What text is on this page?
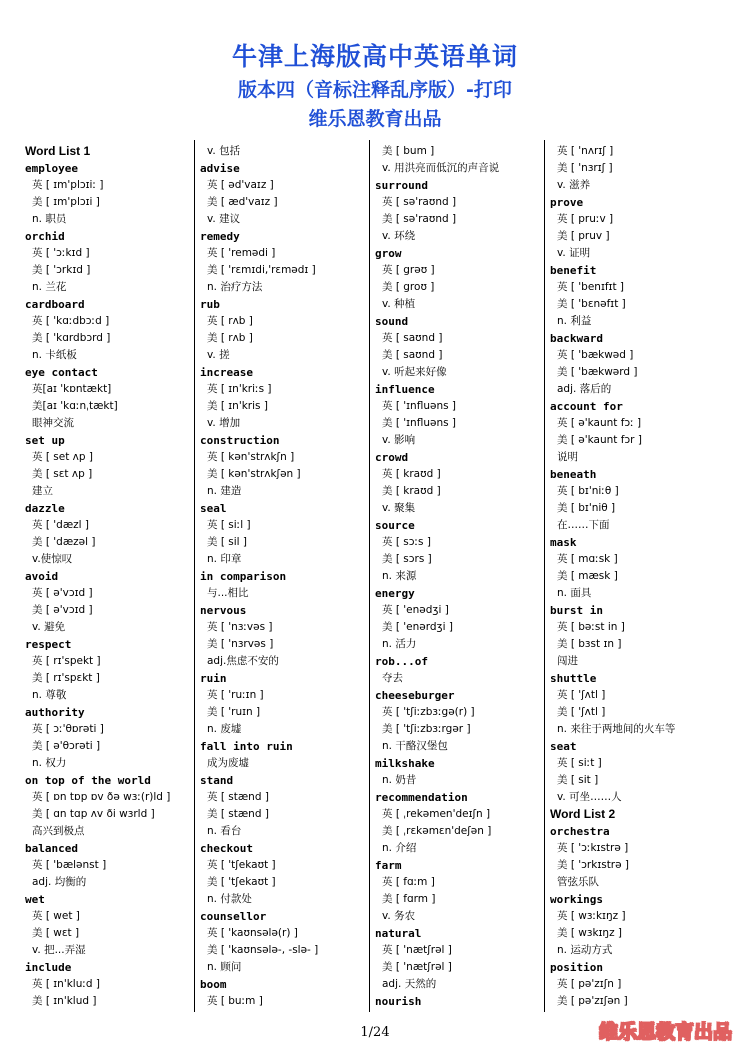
牛津上海版高中英语单词
版本四（音标注释乱序版）-打印
维乐恩教育出品
Word List 1
employee
英 [ ɪm'plɔɪiː ]
美 [ ɪm'plɔɪi ]
n. 职员
orchid
英 [ 'ɔːkɪd ]
美 [ 'ɔrkɪd ]
n. 兰花
cardboard
英 [ 'kɑːdbɔːd ]
美 [ 'kɑrdbɔrd ]
n. 卡纸板
eye contact
英[aɪ 'kɒntækt]
美[aɪ 'kɑːnˌtækt]
眼神交流
set up
英 [ set ʌp ]
美 [ sɛt ʌp ]
建立
dazzle
英 [ 'dæzl ]
美 [ 'dæzəl ]
v.使惊叹
avoid
英 [ ə'vɔɪd ]
美 [ ə'vɔɪd ]
v. 避免
respect
英 [ rɪ'spekt ]
美 [ rɪ'spɛkt ]
n. 尊敬
authority
英 [ ɔː'θɒrəti ]
美 [ ə'θɔrəti ]
n. 权力
on top of the world
英 [ ɒn tɒp ɒv ðə wɜː(r)ld ]
美 [ ɑn tɑp ʌv ði wɜrld ]
高兴到极点
balanced
英 [ 'bælənst ]
adj. 均衡的
wet
英 [ wet ]
美 [ wɛt ]
v. 把...弄湿
include
英 [ ɪn'kluːd ]
美 [ ɪn'klud ]
v. 包括
advise
英 [ əd'vaɪz ]
美 [ æd'vaɪz ]
v. 建议
remedy
英 [ 'remədi ]
美 [ 'rɛmɪdi,'rɛmədɪ ]
n. 治疗方法
rub
英 [ rʌb ]
美 [ rʌb ]
v. 搓
increase
英 [ ɪn'kriːs ]
美 [ ɪn'kris ]
v. 增加
construction
英 [ kən'strʌkʃn ]
美 [ kən'strʌkʃən ]
n. 建造
seal
英 [ siːl ]
美 [ sil ]
n. 印章
in comparison
与...相比
nervous
英 [ 'nɜːvəs ]
美 [ 'nɜrvəs ]
adj.焦虑不安的
ruin
英 [ 'ruːɪn ]
美 [ 'ruɪn ]
n. 废墟
fall into ruin
成为废墟
stand
英 [ stænd ]
美 [ stænd ]
n. 看台
checkout
英 [ 'tʃekaʊt ]
美 [ 'tʃekaʊt ]
n. 付款处
counsellor
英 [ 'kaʊnsələ(r) ]
美 [ 'kaʊnsələ-, -slə- ]
n. 顾问
boom
英 [ buːm ]
美 [ bum ]
v. 用洪亮而低沉的声音说
surround
英 [ sə'raʊnd ]
美 [ sə'raʊnd ]
v. 环绕
grow
英 [ grəʊ ]
美 [ groʊ ]
v. 种植
sound
英 [ saʊnd ]
美 [ saʊnd ]
v. 听起来好像
influence
英 [ 'ɪnfluəns ]
美 [ 'ɪnfluəns ]
v. 影响
crowd
英 [ kraʊd ]
美 [ kraʊd ]
v. 聚集
source
英 [ sɔːs ]
美 [ sɔrs ]
n. 来源
energy
英 [ 'enədʒi ]
美 [ 'enərdʒi ]
n. 活力
rob...of
夺去
cheeseburger
英 [ 'tʃiːzbɜːgə(r) ]
美 [ 'tʃiːzbɜːrgər ]
n. 干酪汉堡包
milkshake
n. 奶昔
recommendation
英 [ ˌrekəmen'deɪʃn ]
美 [ ˌrɛkəmɛn'deʃən ]
n. 介绍
farm
英 [ fɑːm ]
美 [ fɑrm ]
v. 务农
natural
英 [ 'nætʃrəl ]
美 [ 'nætʃrəl ]
adj. 天然的
nourish
英 [ 'nʌrɪʃ ]
美 [ 'nɜrɪʃ ]
v. 滋养
prove
英 [ pruːv ]
美 [ pruv ]
v. 证明
benefit
英 [ 'benɪfɪt ]
美 [ 'bɛnəfɪt ]
n. 利益
backward
英 [ 'bækwəd ]
美 [ 'bækwərd ]
adj. 落后的
account for
英 [ ə'kaunt fɔː ]
美 [ ə'kaunt fɔr ]
说明
beneath
英 [ bɪ'niːθ ]
美 [ bɪ'niθ ]
在……下面
mask
英 [ mɑːsk ]
美 [ mæsk ]
n. 面具
burst in
英 [ bəːst in ]
美 [ bɜst ɪn ]
闯进
shuttle
英 [ 'ʃʌtl ]
美 [ 'ʃʌtl ]
n. 来往于两地间的火车等
seat
英 [ siːt ]
美 [ sit ]
v. 可坐……人
Word List 2
orchestra
英 [ 'ɔːkɪstrə ]
美 [ 'ɔrkɪstrə ]
管弦乐队
workings
英 [ wɜːkɪŋz ]
美 [ wɜkɪŋz ]
n. 运动方式
position
英 [ pə'zɪʃn ]
美 [ pə'zɪʃən ]
1/24	维乐恩教育出品
